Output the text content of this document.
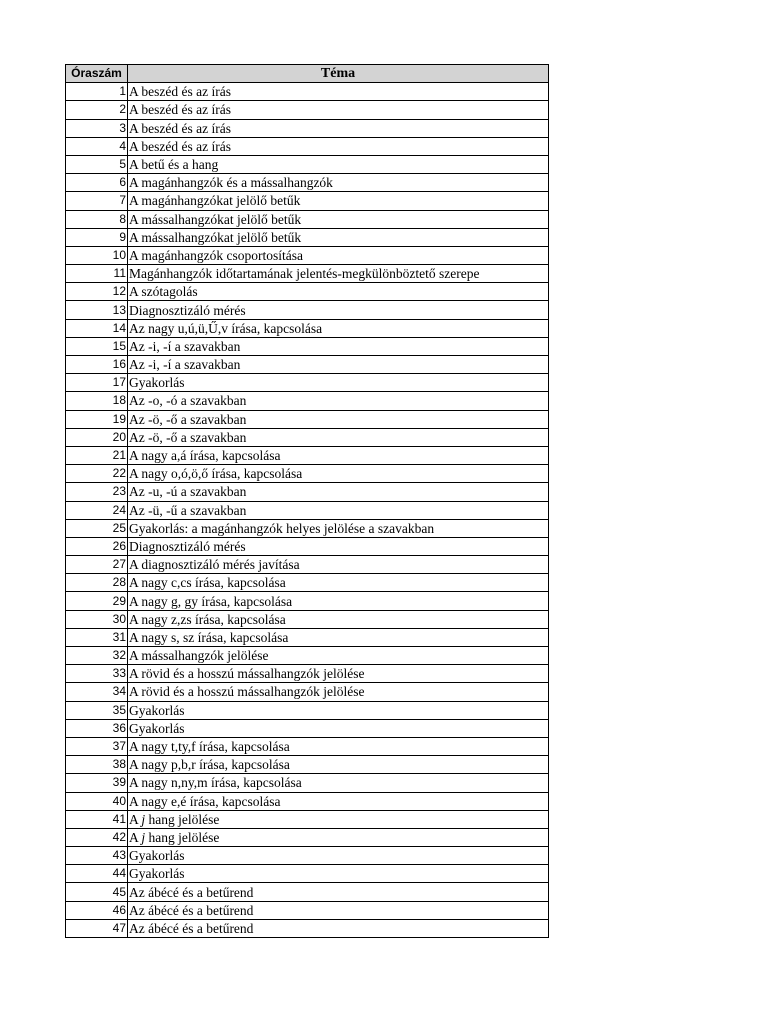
Óraszám	Téma
1	A beszéd és az írás
2	A beszéd és az írás
3	A beszéd és az írás
4	A beszéd és az írás
5	A betű és a hang
6	A magánhangzók és a mássalhangzók
7	A magánhangzókat jelölő betűk
8	A mássalhangzókat jelölő betűk
9	A mássalhangzókat jelölő betűk
10	A magánhangzók csoportosítása
11	Magánhangzók időtartamának jelentés-megkülönböztető szerepe
12	A szótagolás
13	Diagnosztizáló mérés
14	Az nagy u,ú,ü,Ű,v írása, kapcsolása
15	Az -i, -í a szavakban
16	Az -i, -í a szavakban
17	Gyakorlás
18	Az -o, -ó a szavakban
19	Az -ö, -ő a szavakban
20	Az -ö, -ő a szavakban
21	A nagy a,á írása, kapcsolása
22	A nagy o,ó,ö,ő írása, kapcsolása
23	Az -u, -ú a szavakban
24	Az -ü, -ű a szavakban
25	Gyakorlás: a magánhangzók helyes jelölése a szavakban
26	Diagnosztizáló mérés
27	A diagnosztizáló mérés javítása
28	A nagy c,cs írása, kapcsolása
29	A nagy g, gy írása, kapcsolása
30	A nagy z,zs írása, kapcsolása
31	A nagy s, sz írása, kapcsolása
32	A mássalhangzók jelölése
33	A rövid és a hosszú mássalhangzók jelölése
34	A rövid és a hosszú mássalhangzók jelölése
35	Gyakorlás
36	Gyakorlás
37	A nagy t,ty,f írása, kapcsolása
38	A nagy p,b,r írása, kapcsolása
39	A nagy n,ny,m írása, kapcsolása
40	A nagy e,é írása, kapcsolása
41	A j hang jelölése
42	A j hang jelölése
43	Gyakorlás
44	Gyakorlás
45	Az ábécé és a betűrend
46	Az ábécé és a betűrend
47	Az ábécé és a betűrend
